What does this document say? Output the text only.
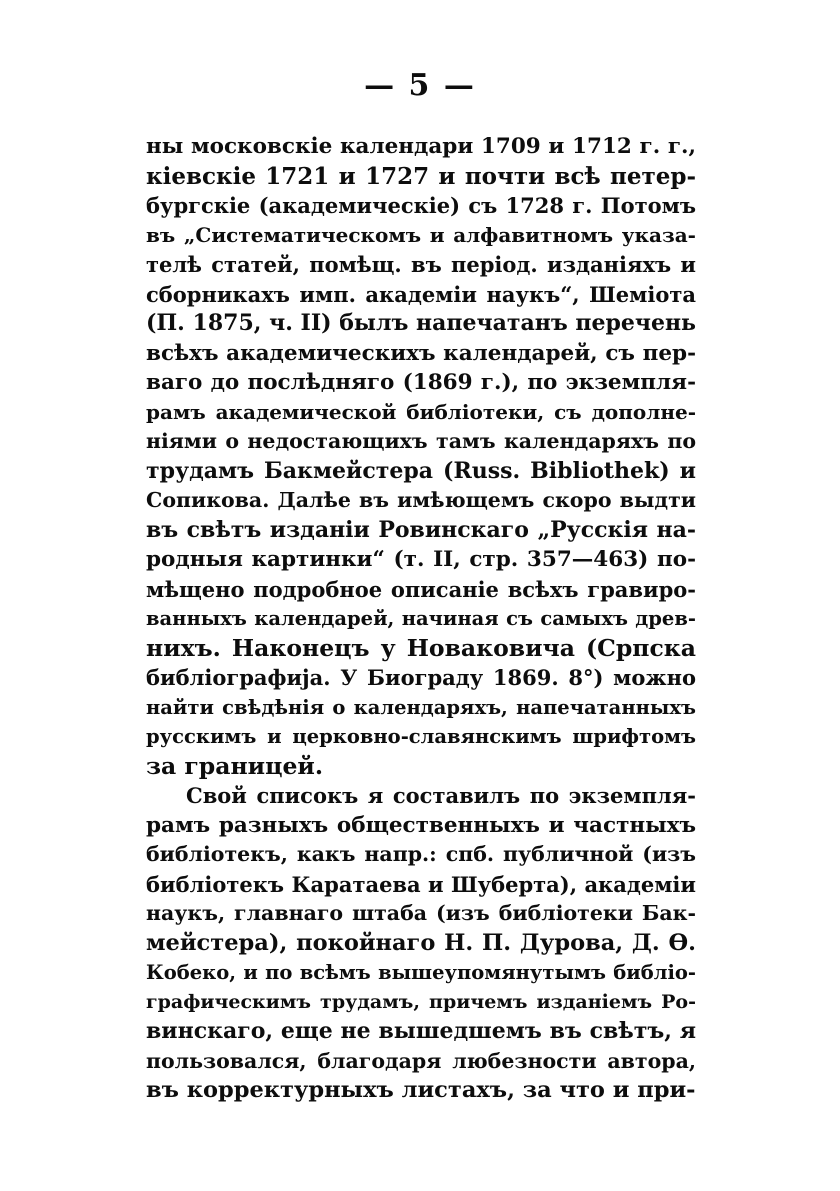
— 5 —
ны московскіе календари 1709 и 1712 г. г.,
кіевскіе 1721 и 1727 и почти всѣ петер-
бургскіе (академическіе) съ 1728 г. Потомъ
въ „Систематическомъ и алфавитномъ указа-
телѣ статей, помѣщ. въ період. изданіяхъ и
сборникахъ имп. академіи наукъ“, Шеміота
(П. 1875, ч. II) былъ напечатанъ перечень
всѣхъ академическихъ календарей, съ пер-
ваго до послѣдняго (1869 г.), по экземпля-
рамъ академической библіотеки, съ дополне-
ніями о недостающихъ тамъ календаряхъ по
трудамъ Бакмейстера (Russ. Bibliothek) и
Сопикова. Далѣе въ имѣющемъ скоро выдти
въ свѣтъ изданіи Ровинскаго „Русскія на-
родныя картинки“ (т. II, стр. 357—463) по-
мѣщено подробное описаніе всѣхъ гравиро-
ванныхъ календарей, начиная съ самыхъ древ-
нихъ. Наконецъ у Новаковича (Српска
библіографија. У Биограду 1869. 8°) можно
найти свѣдѣнія о календаряхъ, напечатанныхъ
русскимъ и церковно-славянскимъ шрифтомъ
за границей.
Свой списокъ я составилъ по экземпля-
рамъ разныхъ общественныхъ и частныхъ
библіотекъ, какъ напр.: спб. публичной (изъ
библіотекъ Каратаева и Шуберта), академіи
наукъ, главнаго штаба (изъ библіотеки Бак-
мейстера), покойнаго Н. П. Дурова, Д. Ѳ.
Кобеко, и по всѣмъ вышеупомянутымъ библіо-
графическимъ трудамъ, причемъ изданіемъ Ро-
винскаго, еще не вышедшемъ въ свѣтъ, я
пользовался, благодаря любезности автора,
въ корректурныхъ листахъ, за что и при-
